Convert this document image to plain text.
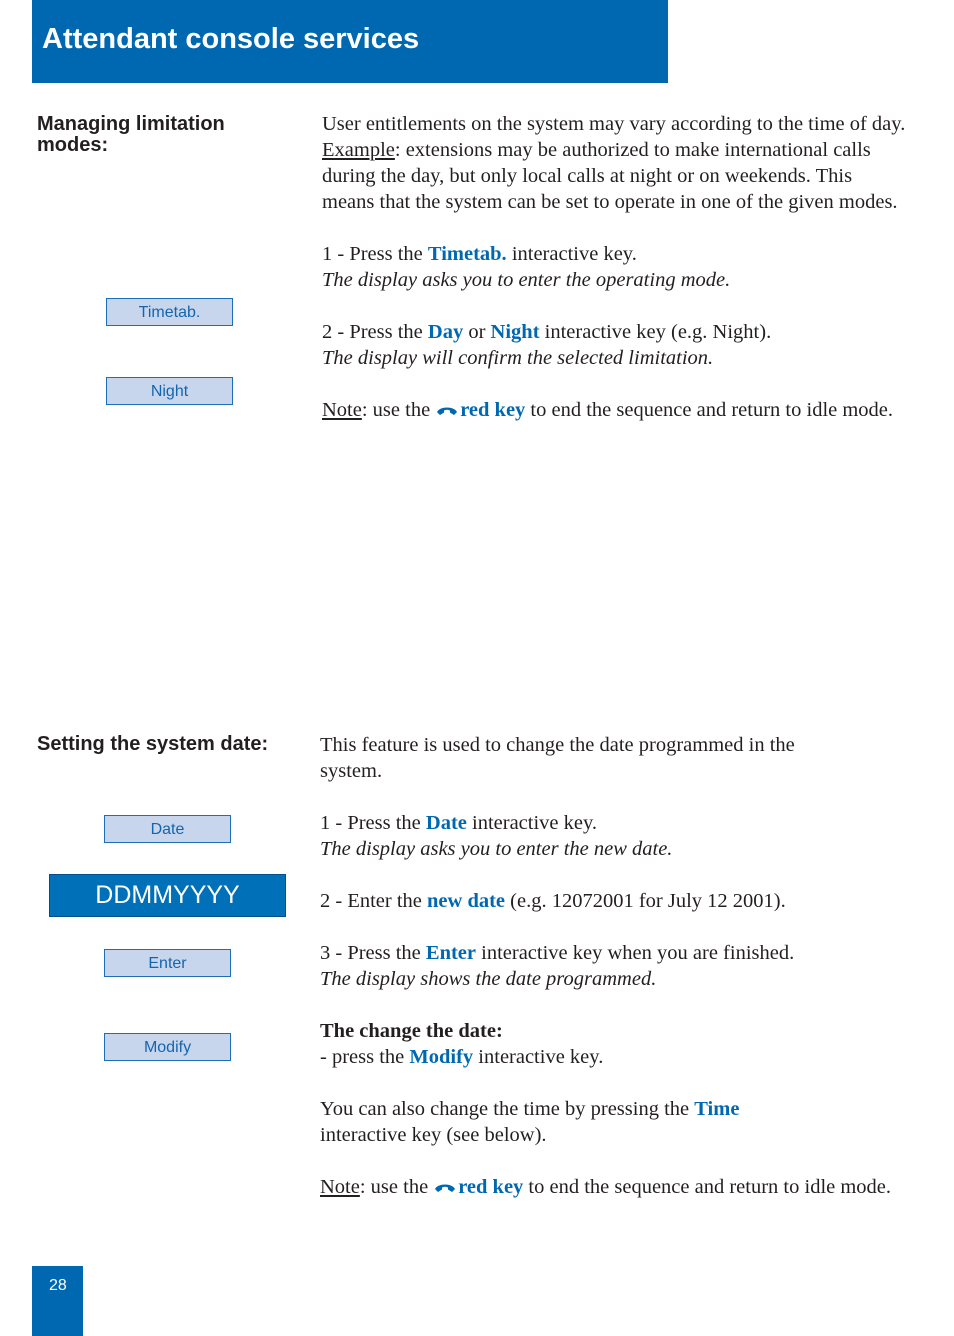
Attendant console services
Managing limitation modes:
Timetab.
Night

User entitlements on the system may vary according to the time of day.

Example: extensions may be authorized to make international calls during the day, but only local calls at night or on weekends. This means that the system can be set to operate in one of the given modes.

1 - Press the Timetab. interactive key.

The display asks you to enter the operating mode.

2 - Press the Day or Night interactive key (e.g. Night).

The display will confirm the selected limitation.

Note: use the red key to end the sequence and return to idle mode.

Setting the system date:
Date
DDMMYYYY
Enter
Modify

This feature is used to change the date programmed in the system.

1 - Press the Date interactive key.

The display asks you to enter the new date.

2 - Enter the new date (e.g. 12072001 for July 12 2001).

3 - Press the Enter interactive key when you are finished.

The display shows the date programmed.

The change the date:

- press the Modify interactive key.

You can also change the time by pressing the Time interactive key (see below).

Note: use the red key to end the sequence and return to idle mode.

28
